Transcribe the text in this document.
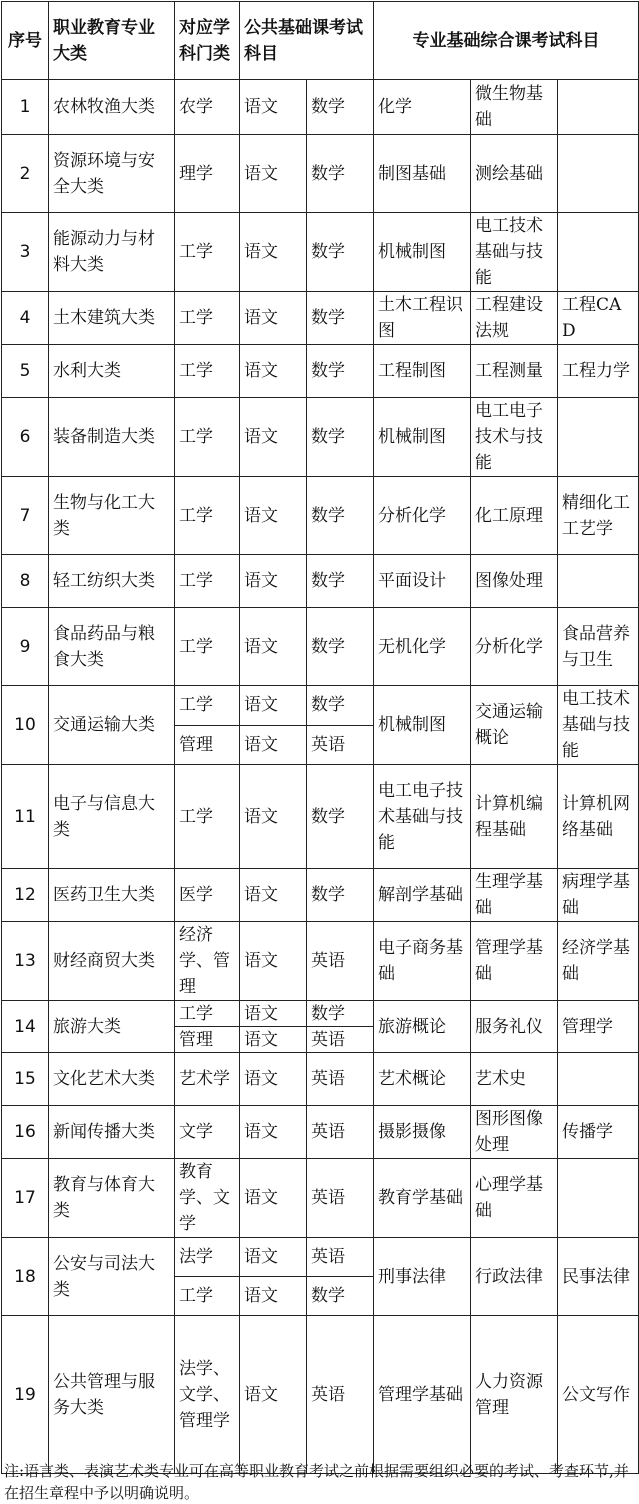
序号	职业教育专业大类	对应学科门类	公共基础课考试科目		专业基础综合课考试科目		
1	农林牧渔大类	农学	语文	数学	化学	微生物基础	
2	资源环境与安全大类	理学	语文	数学	制图基础	测绘基础	
3	能源动力与材料大类	工学	语文	数学	机械制图	电工技术基础与技能	
4	土木建筑大类	工学	语文	数学	土木工程识图	工程建设法规	工程CAD
5	水利大类	工学	语文	数学	工程制图	工程测量	工程力学
6	装备制造大类	工学	语文	数学	机械制图	电工电子技术与技能	
7	生物与化工大类	工学	语文	数学	分析化学	化工原理	精细化工工艺学
8	轻工纺织大类	工学	语文	数学	平面设计	图像处理	
9	食品药品与粮食大类	工学	语文	数学	无机化学	分析化学	食品营养与卫生
10	交通运输大类	工学	语文	数学	机械制图	交通运输概论	电工技术基础与技能
		管理	语文	英语			
11	电子与信息大类	工学	语文	数学	电工电子技术基础与技能	计算机编程基础	计算机网络基础
12	医药卫生大类	医学	语文	数学	解剖学基础	生理学基础	病理学基础
13	财经商贸大类	经济学、管理	语文	英语	电子商务基础	管理学基础	经济学基础
14	旅游大类	工学	语文	数学	旅游概论	服务礼仪	管理学
		管理	语文	英语			
15	文化艺术大类	艺术学	语文	英语	艺术概论	艺术史	
16	新闻传播大类	文学	语文	英语	摄影摄像	图形图像处理	传播学
17	教育与体育大类	教育学、文学	语文	英语	教育学基础	心理学基础	
18	公安与司法大类	法学	语文	英语	刑事法律	行政法律	民事法律
		工学	语文	数学			
19	公共管理与服务大类	法学、文学、管理学	语文	英语	管理学基础	人力资源管理	公文写作
注:语言类、表演艺术类专业可在高等职业教育考试之前根据需要组织必要的考试、考查环节,并在招生章程中予以明确说明。
